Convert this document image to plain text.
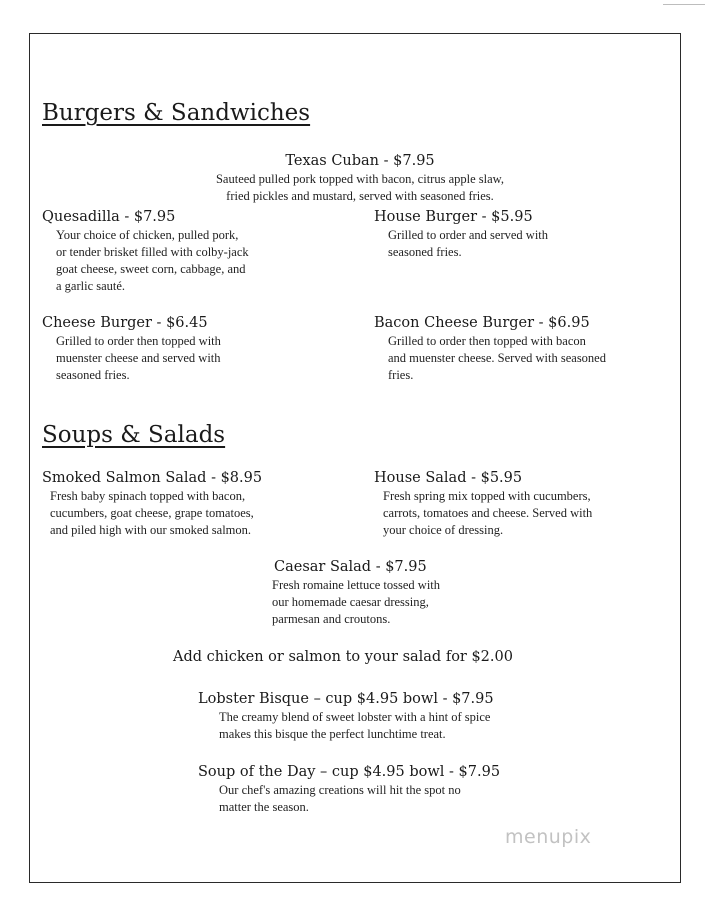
Burgers & Sandwiches
Texas Cuban - $7.95
Sauteed pulled pork topped with bacon, citrus apple slaw,
fried pickles and mustard, served with seasoned fries.
Quesadilla - $7.95
Your choice of chicken, pulled pork,
or tender brisket filled with colby-jack
goat cheese, sweet corn, cabbage, and
a garlic sauté.
House Burger - $5.95
Grilled to order and served with
seasoned fries.
Cheese Burger - $6.45
Grilled to order then topped with
muenster cheese and served with
seasoned fries.
Bacon Cheese Burger - $6.95
Grilled to order then topped with bacon
and muenster cheese. Served with seasoned
fries.
Soups & Salads
Smoked Salmon Salad - $8.95
Fresh baby spinach topped with bacon,
cucumbers, goat cheese, grape tomatoes,
and piled high with our smoked salmon.
House Salad - $5.95
Fresh spring mix topped with cucumbers,
carrots, tomatoes and cheese. Served with
your choice of dressing.
Caesar Salad - $7.95
Fresh romaine lettuce tossed with
our homemade caesar dressing,
parmesan and croutons.
Add chicken or salmon to your salad for $2.00
Lobster Bisque – cup $4.95 bowl - $7.95
The creamy blend of sweet lobster with a hint of spice
makes this bisque the perfect lunchtime treat.
Soup of the Day – cup $4.95 bowl - $7.95
Our chef's amazing creations will hit the spot no
matter the season.
menupix
